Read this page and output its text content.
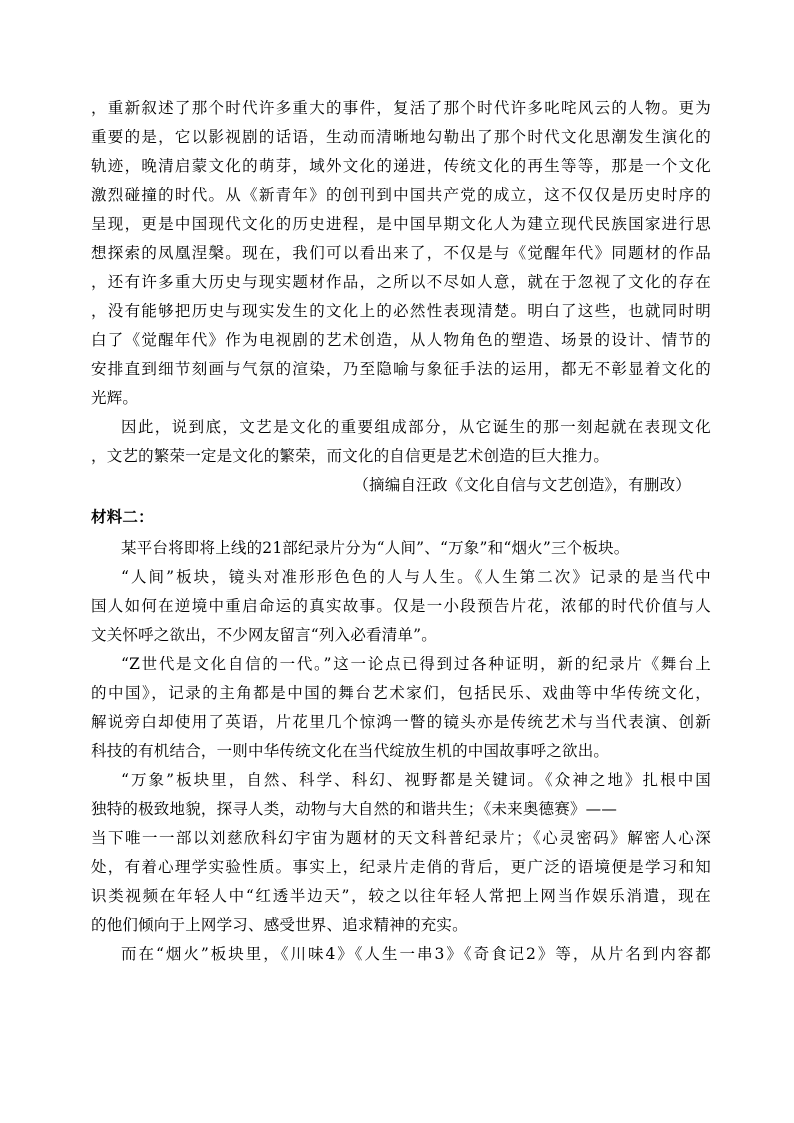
，重新叙述了那个时代许多重大的事件，复活了那个时代许多叱咤风云的人物。更为
重要的是，它以影视剧的话语，生动而清晰地勾勒出了那个时代文化思潮发生演化的
轨迹，晚清启蒙文化的萌芽，域外文化的递进，传统文化的再生等等，那是一个文化
激烈碰撞的时代。从《新青年》的创刊到中国共产党的成立，这不仅仅是历史时序的
呈现，更是中国现代文化的历史进程，是中国早期文化人为建立现代民族国家进行思
想探索的凤凰涅槃。现在，我们可以看出来了，不仅是与《觉醒年代》同题材的作品
，还有许多重大历史与现实题材作品，之所以不尽如人意，就在于忽视了文化的存在
，没有能够把历史与现实发生的文化上的必然性表现清楚。明白了这些，也就同时明
白了《觉醒年代》作为电视剧的艺术创造，从人物角色的塑造、场景的设计、情节的
安排直到细节刻画与气氛的渲染，乃至隐喻与象征手法的运用，都无不彰显着文化的
光辉。
因此，说到底，文艺是文化的重要组成部分，从它诞生的那一刻起就在表现文化
，文艺的繁荣一定是文化的繁荣，而文化的自信更是艺术创造的巨大推力。
（摘编自汪政《文化自信与文艺创造》，有删改）
材料二：
某平台将即将上线的21部纪录片分为“人间”、“万象”和“烟火”三个板块。
“人间”板块，镜头对准形形色色的人与人生。《人生第二次》记录的是当代中
国人如何在逆境中重启命运的真实故事。仅是一小段预告片花，浓郁的时代价值与人
文关怀呼之欲出，不少网友留言“列入必看清单”。
“Z世代是文化自信的一代。”这一论点已得到过各种证明，新的纪录片《舞台上
的中国》，记录的主角都是中国的舞台艺术家们，包括民乐、戏曲等中华传统文化，
解说旁白却使用了英语，片花里几个惊鸿一瞥的镜头亦是传统艺术与当代表演、创新
科技的有机结合，一则中华传统文化在当代绽放生机的中国故事呼之欲出。
“万象”板块里，自然、科学、科幻、视野都是关键词。《众神之地》扎根中国
独特的极致地貌，探寻人类，动物与大自然的和谐共生；《未来奥德赛》——
当下唯一一部以刘慈欣科幻宇宙为题材的天文科普纪录片；《心灵密码》解密人心深
处，有着心理学实验性质。事实上，纪录片走俏的背后，更广泛的语境便是学习和知
识类视频在年轻人中“红透半边天”，较之以往年轻人常把上网当作娱乐消遣，现在
的他们倾向于上网学习、感受世界、追求精神的充实。
而在“烟火”板块里，《川味4》《人生一串3》《奇食记2》等，从片名到内容都
